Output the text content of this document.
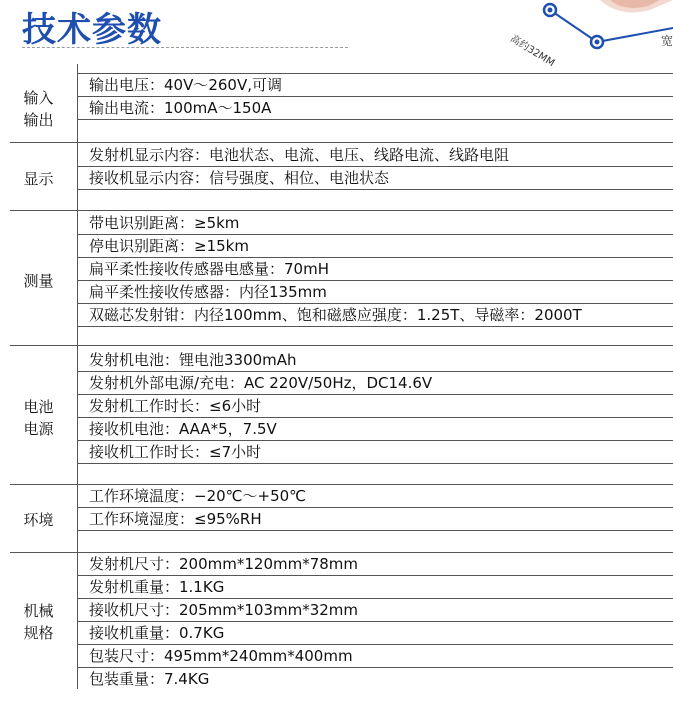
技术参数
高约32MM	宽
输入
输出
输出电压：40V～260V,可调
输出电流：100mA～150A
显示
发射机显示内容：电池状态、电流、电压、线路电流、线路电阻
接收机显示内容：信号强度、相位、电池状态
测量
带电识别距离：≥5km
停电识别距离：≥15km
扁平柔性接收传感器电感量：70mH
扁平柔性接收传感器：内径135mm
双磁芯发射钳：内径100mm、饱和磁感应强度：1.25T、导磁率：2000T
电池
电源
发射机电池：锂电池3300mAh
发射机外部电源/充电：AC 220V/50Hz，DC14.6V
发射机工作时长：≤6小时
接收机电池：AAA*5，7.5V
接收机工作时长：≤7小时
环境
工作环境温度：−20℃～+50℃
工作环境湿度：≤95%RH
机械
规格
发射机尺寸：200mm*120mm*78mm
发射机重量：1.1KG
接收机尺寸：205mm*103mm*32mm
接收机重量：0.7KG
包装尺寸：495mm*240mm*400mm
包装重量：7.4KG
